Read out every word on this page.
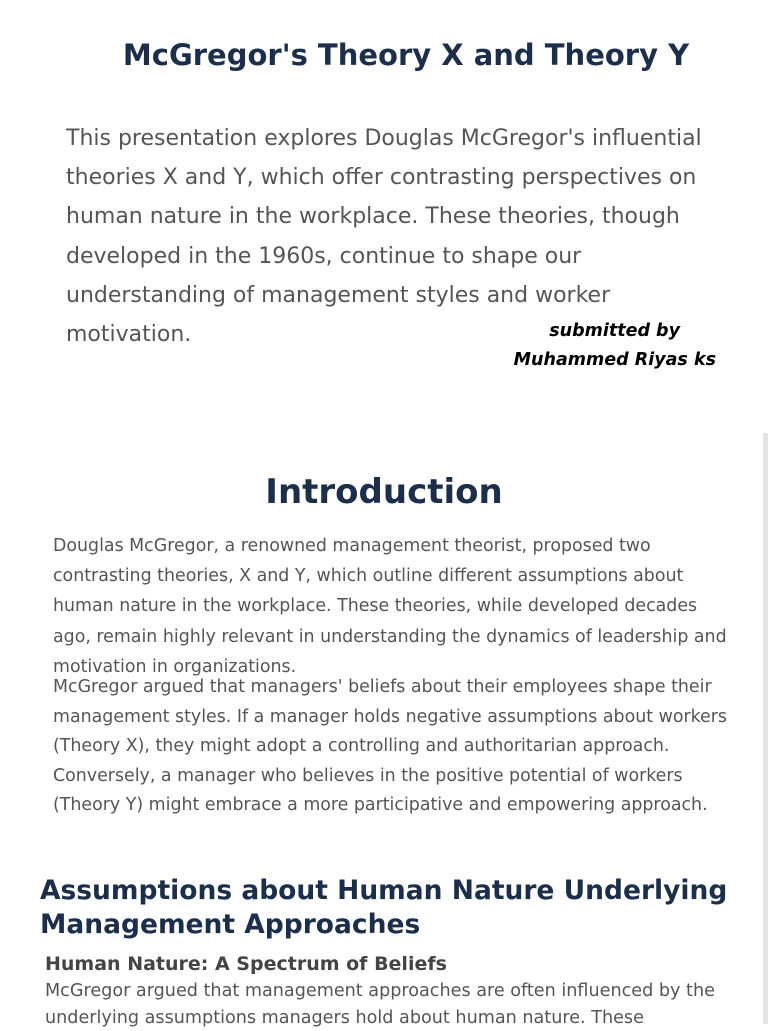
McGregor's Theory X and Theory Y

This presentation explores Douglas McGregor's influential theories X and Y, which offer contrasting perspectives on human nature in the workplace. These theories, though developed in the 1960s, continue to shape our understanding of management styles and worker motivation.	submitted by
Muhammed Riyas ks
Introduction

Douglas McGregor, a renowned management theorist, proposed two contrasting theories, X and Y, which outline different assumptions about human nature in the workplace. These theories, while developed decades ago, remain highly relevant in understanding the dynamics of leadership and motivation in organizations.

McGregor argued that managers' beliefs about their employees shape their management styles. If a manager holds negative assumptions about workers (Theory X), they might adopt a controlling and authoritarian approach. Conversely, a manager who believes in the positive potential of workers (Theory Y) might embrace a more participative and empowering approach.

Assumptions about Human Nature Underlying Management Approaches
Human Nature: A Spectrum of Beliefs

McGregor argued that management approaches are often influenced by the underlying assumptions managers hold about human nature. These
